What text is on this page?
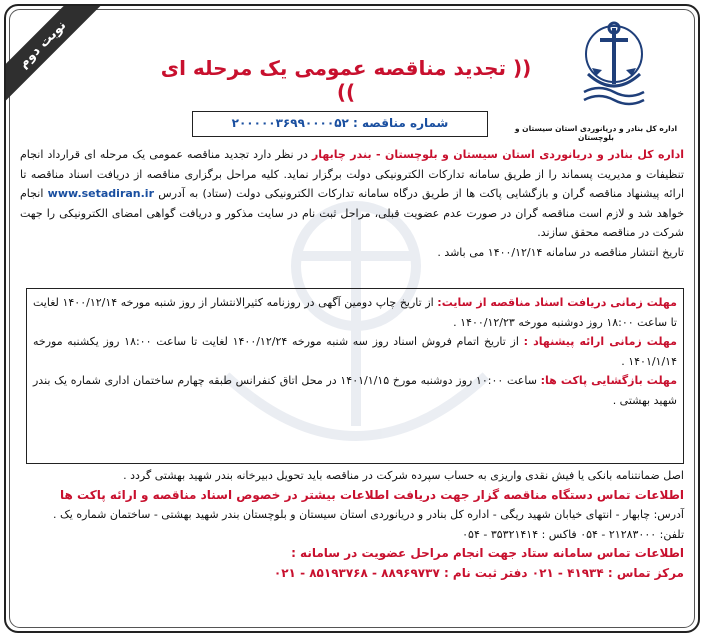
نوبت دوم
اداره کل بنادر و دریانوردی استان سیستان و بلوچستان
(( تجدید مناقصه عمومی یک مرحله ای ))
شماره مناقصه : ۲۰۰۰۰۰۳۶۹۹۰۰۰۰۵۲

اداره کل بنادر و دریانوردی استان سیستان و بلوچستان - بندر چابهار در نظر دارد تجدید مناقصه عمومی یک مرحله ای قرارداد انجام تنظیفات و مدیریت پسماند را از طریق سامانه تدارکات الکترونیکی دولت برگزار نماید. کلیه مراحل برگزاری مناقصه از دریافت اسناد مناقصه تا ارائه پیشنهاد مناقصه گران و بازگشایی پاکت ها از طریق درگاه سامانه تدارکات الکترونیکی دولت (ستاد) به آدرس www.setadiran.ir انجام خواهد شد و لازم است مناقصه گران در صورت عدم عضویت قبلی، مراحل ثبت نام در سایت مذکور و دریافت گواهی امضای الکترونیکی را جهت شرکت در مناقصه محقق سازند.

تاریخ انتشار مناقصه در سامانه ۱۴۰۰/۱۲/۱۴ می باشد .

مهلت زمانی دریافت اسناد مناقصه از سایت: از تاریخ چاپ دومین آگهی در روزنامه کثیرالانتشار از روز شنبه مورخه ۱۴۰۰/۱۲/۱۴ لغایت تا ساعت ۱۸:۰۰ روز دوشنبه مورخه ۱۴۰۰/۱۲/۲۳ .

مهلت زمانی ارائه پیشنهاد : از تاریخ اتمام فروش اسناد روز سه شنبه مورخه ۱۴۰۰/۱۲/۲۴ لغایت تا ساعت ۱۸:۰۰ روز یکشنبه مورخه ۱۴۰۱/۱/۱۴ .

مهلت بازگشایی پاکت ها: ساعت ۱۰:۰۰ روز دوشنبه مورخ ۱۴۰۱/۱/۱۵ در محل اتاق کنفرانس طبقه چهارم ساختمان اداری شماره یک بندر شهید بهشتی .

اصل ضمانتنامه بانکی یا فیش نقدی واریزی به حساب سپرده شرکت در مناقصه باید تحویل دبیرخانه بندر شهید بهشتی گردد .

اطلاعات تماس دستگاه مناقصه گزار جهت دریافت اطلاعات بیشتر در خصوص اسناد مناقصه و ارائه پاکت ها

آدرس: چابهار - انتهای خیابان شهید ریگی - اداره کل بنادر و دریانوردی استان سیستان و بلوچستان بندر شهید بهشتی - ساختمان شماره یک .

تلفن: ۲۱۲۸۳۰۰۰ - ۰۵۴ فاکس : ۳۵۳۲۱۴۱۴ - ۰۵۴

اطلاعات تماس سامانه ستاد جهت انجام مراحل عضویت در سامانه :

مرکز تماس : ۴۱۹۳۴ - ۰۲۱ دفتر ثبت نام : ۸۸۹۶۹۷۳۷ - ۸۵۱۹۳۷۶۸ - ۰۲۱
